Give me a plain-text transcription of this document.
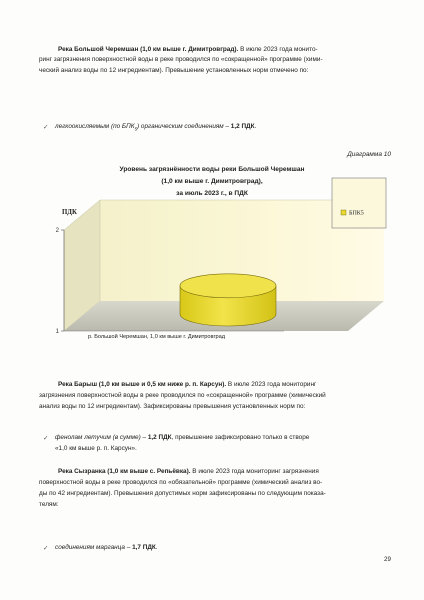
Река Большой Черемшан (1,0 км выше г. Димитровград). В июле 2023 года монито-
ринг загрязнения поверхностной воды в реке проводился по «сокращенной» программе (хими-
ческий анализ воды по 12 ингредиентам). Превышение установленных норм отмечено по:
✓ легкоокисляемым (по $БПК_5$) органическим соединениям – 1,2 ПДК.
Диаграмма 10
Уровень загрязнённости воды реки Большой Черемшан
(1,0 км выше г. Димитровград),
за июль 2023 г., в ПДК
ПДК
1
2
БПК5
р. Большой Черемшан, 1,0 км выше г. Димитровград
Река Барыш (1,0 км выше и 0,5 км ниже р. п. Карсун). В июле 2023 года мониторинг
загрязнения поверхностной воды в реке проводился по «сокращенной» программе (химический
анализ воды по 12 ингредиентам). Зафиксированы превышения установленных норм по:
✓ фенолам летучим (в сумме) – 1,2 ПДК, превышение зафиксировано только в створе
«1,0 км выше р. п. Карсун».
Река Сызранка (1,0 км выше с. Репьёвка). В июле 2023 года мониторинг загрязнения
поверхностной воды в реке проводился по «обязательной» программе (химический анализ во-
ды по 42 ингредиентам). Превышения допустимых норм зафиксированы по следующим показа-
телям:
✓ соединениям марганца – 1,7 ПДК.
29
